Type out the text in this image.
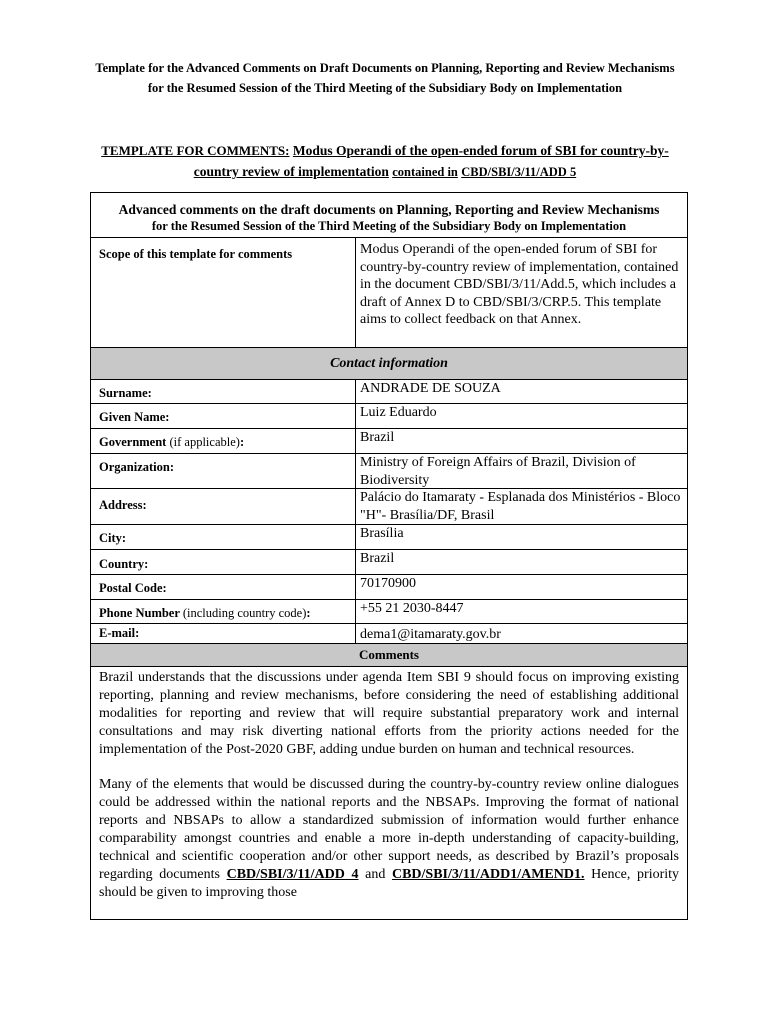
Template for the Advanced Comments on Draft Documents on Planning, Reporting and Review Mechanisms for the Resumed Session of the Third Meeting of the Subsidiary Body on Implementation
TEMPLATE FOR COMMENTS: Modus Operandi of the open-ended forum of SBI for country-by-country review of implementation contained in CBD/SBI/3/11/ADD 5
Advanced comments on the draft documents on Planning, Reporting and Review Mechanisms
for the Resumed Session of the Third Meeting of the Subsidiary Body on Implementation
Scope of this template for comments	Modus Operandi of the open-ended forum of SBI for country-by-country review of implementation, contained in the document CBD/SBI/3/11/Add.5, which includes a draft of Annex D to CBD/SBI/3/CRP.5. This template aims to collect feedback on that Annex.
Contact information
Surname:	ANDRADE DE SOUZA
Given Name:	Luiz Eduardo
Government (if applicable):	Brazil
Organization:	Ministry of Foreign Affairs of Brazil, Division of Biodiversity
Address:	Palácio do Itamaraty - Esplanada dos Ministérios - Bloco "H"- Brasília/DF, Brasil
City:	Brasília
Country:	Brazil
Postal Code:	70170900
Phone Number (including country code):	+55 21 2030-8447
E-mail:	dema1@itamaraty.gov.br
Comments

Brazil understands that the discussions under agenda Item SBI 9 should focus on improving existing reporting, planning and review mechanisms, before considering the need of establishing additional modalities for reporting and review that will require substantial preparatory work and internal consultations and may risk diverting national efforts from the priority actions needed for the implementation of the Post-2020 GBF, adding undue burden on human and technical resources.

Many of the elements that would be discussed during the country-by-country review online dialogues could be addressed within the national reports and the NBSAPs. Improving the format of national reports and NBSAPs to allow a standardized submission of information would further enhance comparability amongst countries and enable a more in-depth understanding of capacity-building, technical and scientific cooperation and/or other support needs, as described by Brazil’s proposals regarding documents CBD/SBI/3/11/ADD 4 and CBD/SBI/3/11/ADD1/AMEND1. Hence, priority should be given to improving those
